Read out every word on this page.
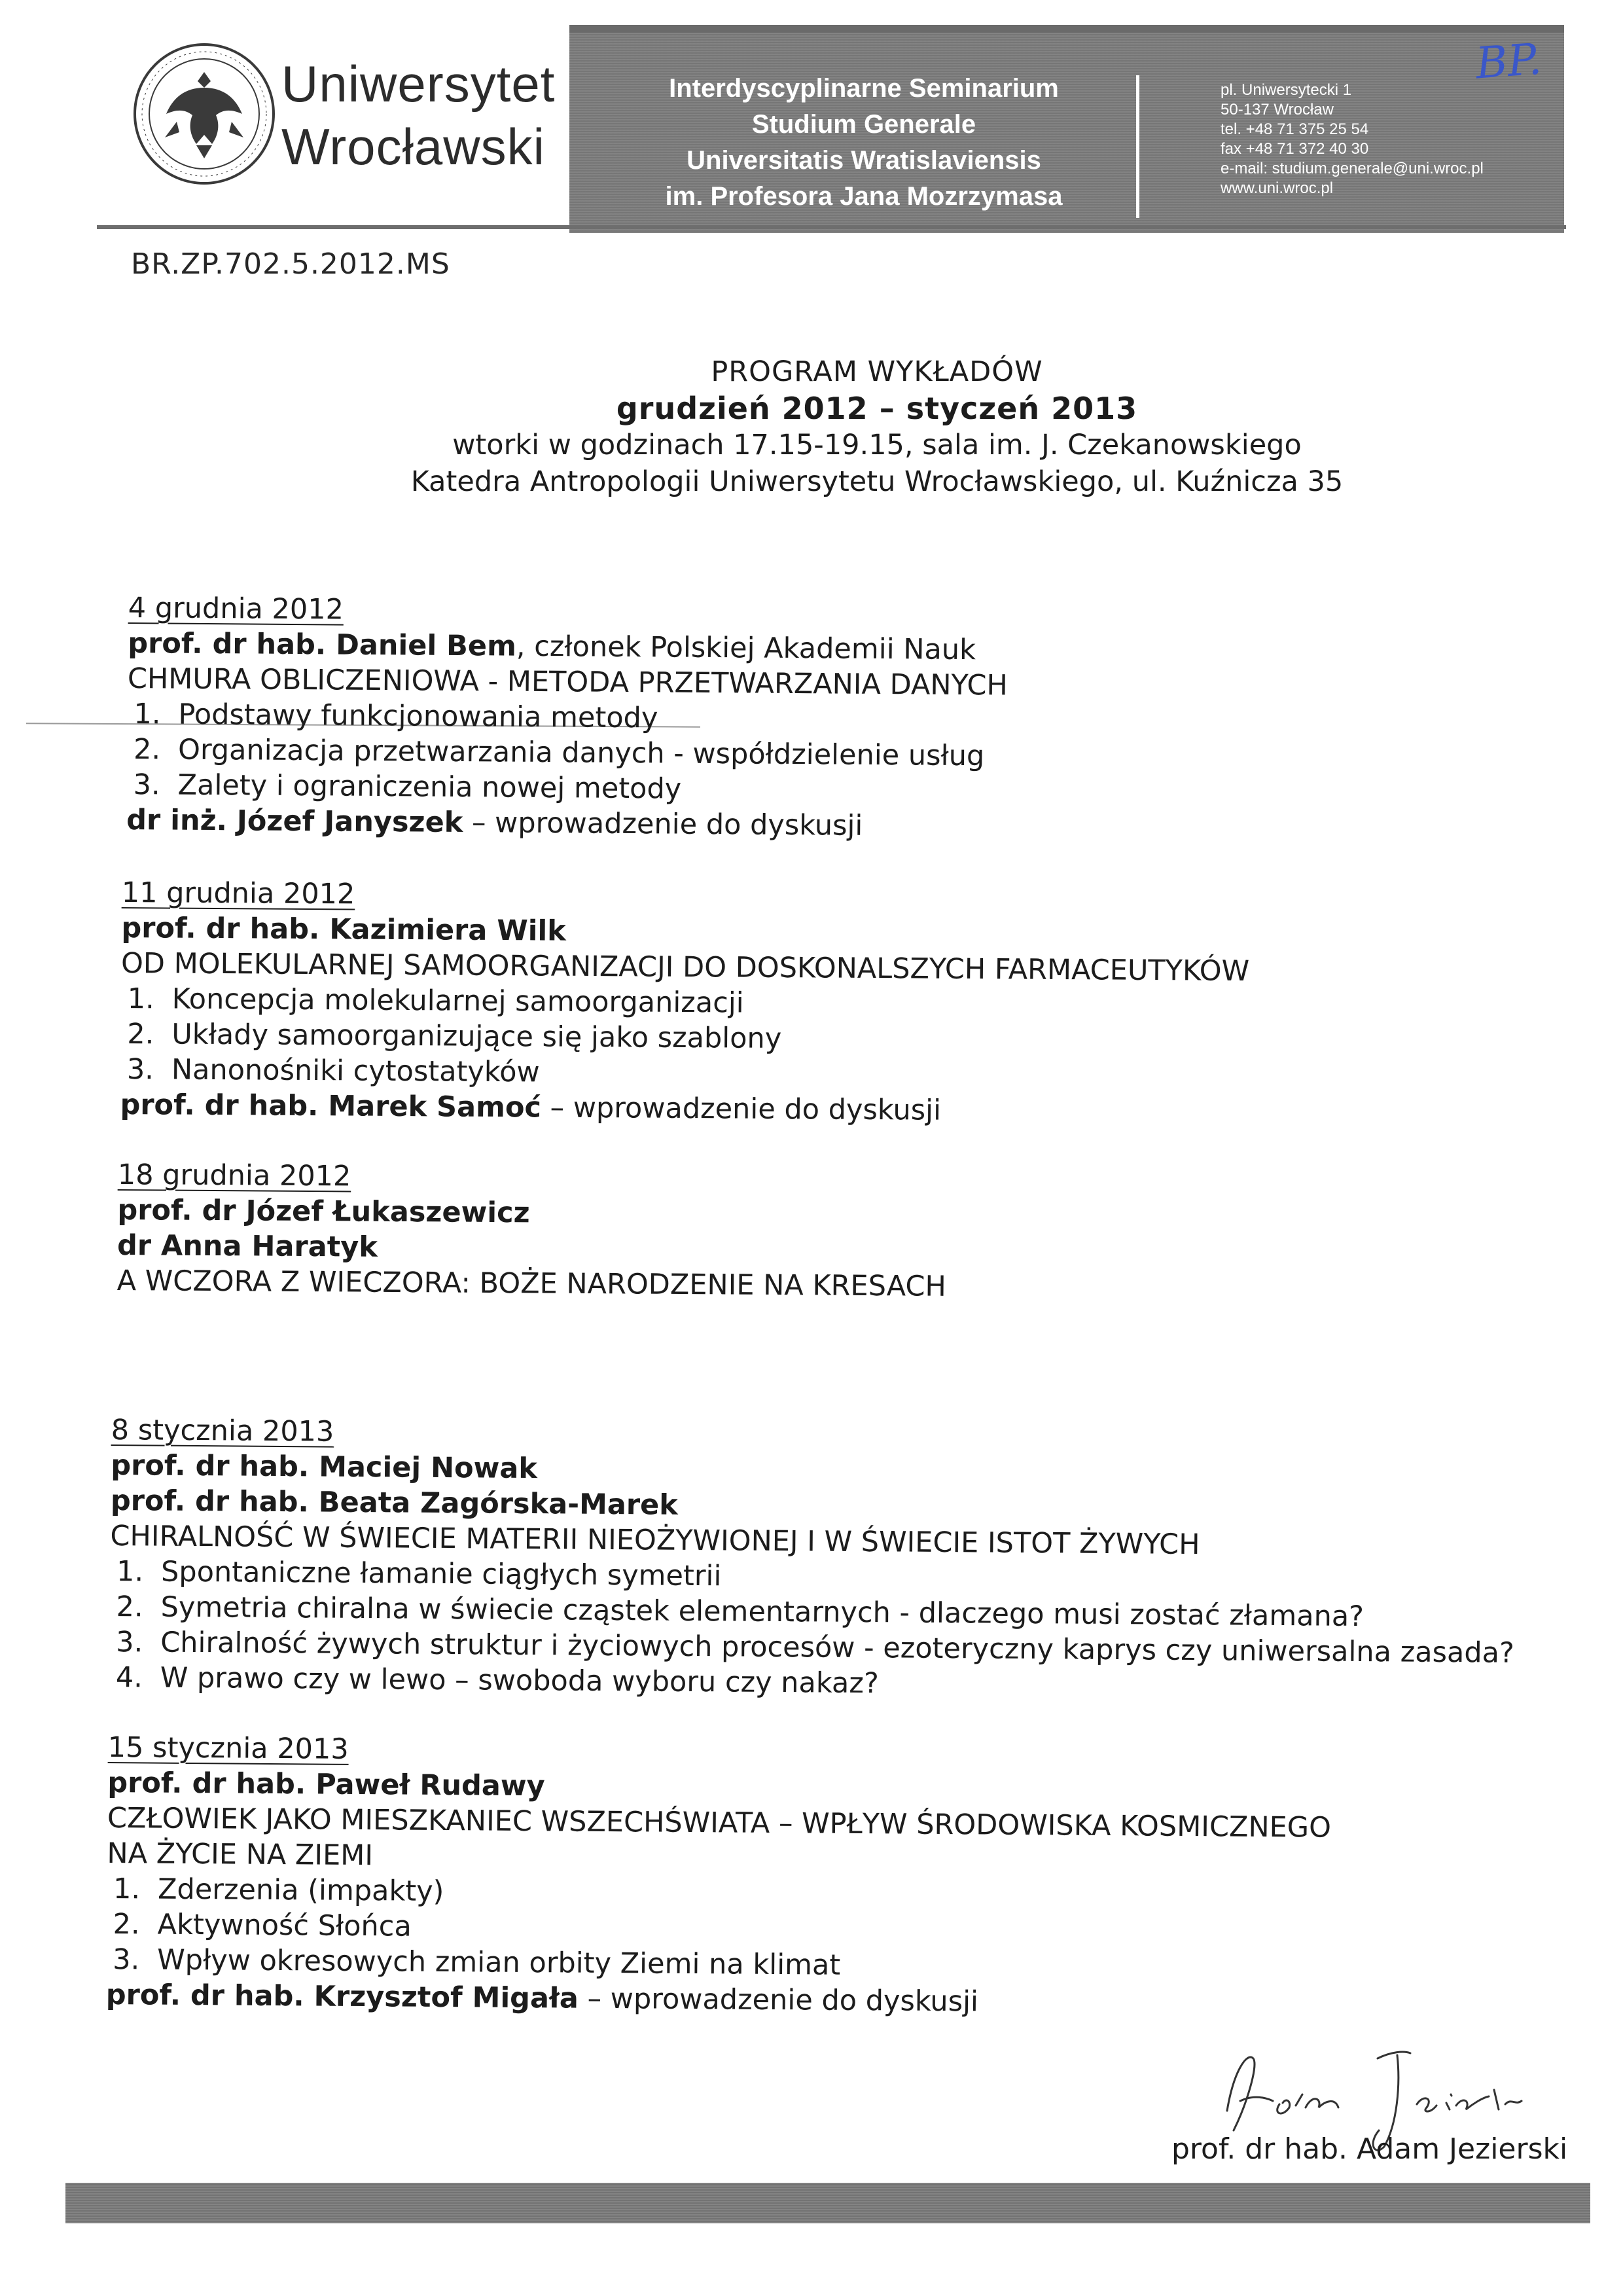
Uniwersytet
Wrocławski
Interdyscyplinarne Seminarium
Studium Generale
Universitatis Wratislaviensis
im. Profesora Jana Mozrzymasa
pl. Uniwersytecki 1
50-137 Wrocław
tel. +48 71 375 25 54
fax +48 71 372 40 30
e-mail: studium.generale@uni.wroc.pl
www.uni.wroc.pl
BP.
BR.ZP.702.5.2012.MS
PROGRAM WYKŁADÓW
grudzień 2012 – styczeń 2013
wtorki w godzinach 17.15-19.15, sala im. J. Czekanowskiego
Katedra Antropologii Uniwersytetu Wrocławskiego, ul. Kuźnicza 35
4 grudnia 2012
prof. dr hab. Daniel Bem, członek Polskiej Akademii Nauk
CHMURA OBLICZENIOWA - METODA PRZETWARZANIA DANYCH
1. Podstawy funkcjonowania metody
2. Organizacja przetwarzania danych - współdzielenie usług
3. Zalety i ograniczenia nowej metody
dr inż. Józef Janyszek – wprowadzenie do dyskusji
11 grudnia 2012
prof. dr hab. Kazimiera Wilk
OD MOLEKULARNEJ SAMOORGANIZACJI DO DOSKONALSZYCH FARMACEUTYKÓW
1. Koncepcja molekularnej samoorganizacji
2. Układy samoorganizujące się jako szablony
3. Nanonośniki cytostatyków
prof. dr hab. Marek Samoć – wprowadzenie do dyskusji
18 grudnia 2012
prof. dr Józef Łukaszewicz
dr Anna Haratyk
A WCZORA Z WIECZORA: BOŻE NARODZENIE NA KRESACH
8 stycznia 2013
prof. dr hab. Maciej Nowak
prof. dr hab. Beata Zagórska-Marek
CHIRALNOŚĆ W ŚWIECIE MATERII NIEOŻYWIONEJ I W ŚWIECIE ISTOT ŻYWYCH
1. Spontaniczne łamanie ciągłych symetrii
2. Symetria chiralna w świecie cząstek elementarnych - dlaczego musi zostać złamana?
3. Chiralność żywych struktur i życiowych procesów - ezoteryczny kaprys czy uniwersalna zasada?
4. W prawo czy w lewo – swoboda wyboru czy nakaz?
15 stycznia 2013
prof. dr hab. Paweł Rudawy
CZŁOWIEK JAKO MIESZKANIEC WSZECHŚWIATA – WPŁYW ŚRODOWISKA KOSMICZNEGO
NA ŻYCIE NA ZIEMI
1. Zderzenia (impakty)
2. Aktywność Słońca
3. Wpływ okresowych zmian orbity Ziemi na klimat
prof. dr hab. Krzysztof Migała – wprowadzenie do dyskusji
prof. dr hab. Adam Jezierski
